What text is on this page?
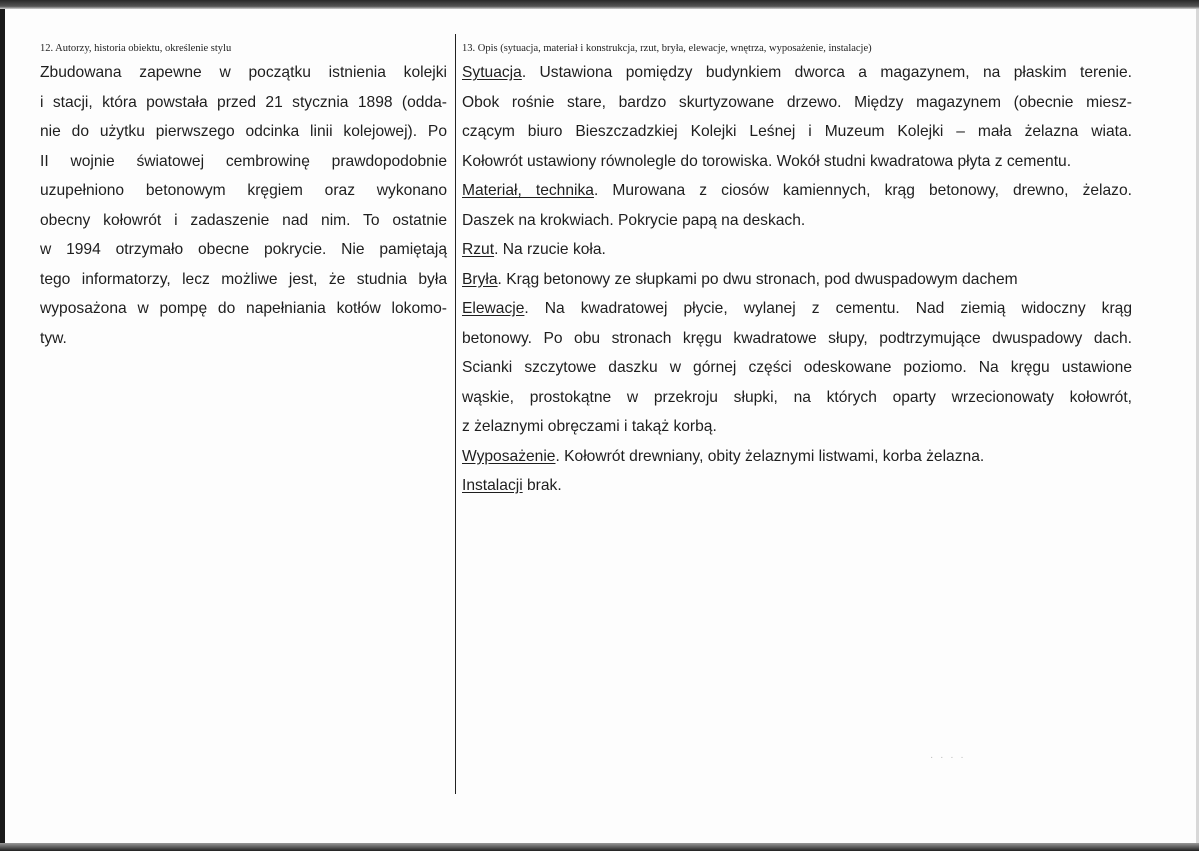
12. Autorzy, historia obiektu, określenie stylu
Zbudowana zapewne w początku istnienia kolejki
i stacji, która powstała przed 21 stycznia 1898 (odda-
nie do użytku pierwszego odcinka linii kolejowej). Po
II wojnie światowej cembrowinę prawdopodobnie
uzupełniono betonowym kręgiem oraz wykonano
obecny kołowrót i zadaszenie nad nim. To ostatnie
w 1994 otrzymało obecne pokrycie. Nie pamiętają
tego informatorzy, lecz możliwe jest, że studnia była
wyposażona w pompę do napełniania kotłów lokomo-
tyw.
13. Opis (sytuacja, materiał i konstrukcja, rzut, bryła, elewacje, wnętrza, wyposażenie, instalacje)
Sytuacja. Ustawiona pomiędzy budynkiem dworca a magazynem, na płaskim terenie.
Obok rośnie stare, bardzo skurtyzowane drzewo. Między magazynem (obecnie miesz-
czącym biuro Bieszczadzkiej Kolejki Leśnej i Muzeum Kolejki – mała żelazna wiata.
Kołowrót ustawiony równolegle do torowiska. Wokół studni kwadratowa płyta z cementu.
Materiał, technika. Murowana z ciosów kamiennych, krąg betonowy, drewno, żelazo.
Daszek na krokwiach. Pokrycie papą na deskach.
Rzut. Na rzucie koła.
Bryła. Krąg betonowy ze słupkami po dwu stronach, pod dwuspadowym dachem
Elewacje. Na kwadratowej płycie, wylanej z cementu. Nad ziemią widoczny krąg
betonowy. Po obu stronach kręgu kwadratowe słupy, podtrzymujące dwuspadowy dach.
Scianki szczytowe daszku w górnej części odeskowane poziomo. Na kręgu ustawione
wąskie, prostokątne w przekroju słupki, na których oparty wrzecionowaty kołowrót,
z żelaznymi obręczami i takąż korbą.
Wyposażenie. Kołowrót drewniany, obity żelaznymi listwami, korba żelazna.
Instalacji brak.
· · · ·
